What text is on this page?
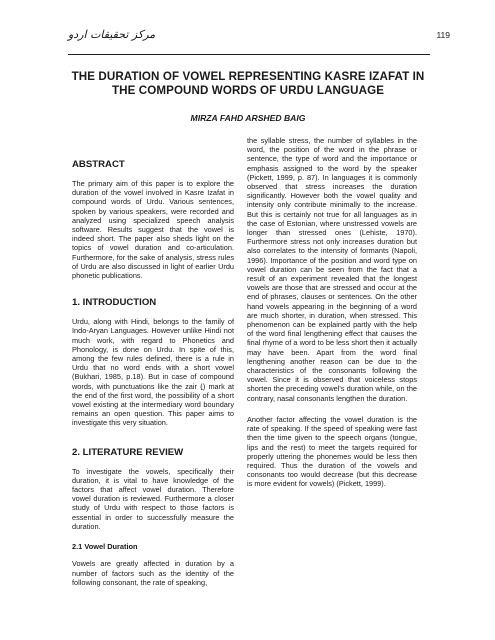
مرکز تحقیقات اردو	119
THE DURATION OF VOWEL REPRESENTING KASRE IZAFAT IN
THE COMPOUND WORDS OF URDU LANGUAGE
MIRZA FAHD ARSHED BAIG
ABSTRACT

The primary aim of this paper is to explore the duration of the vowel involved in Kasre Izafat in compound words of Urdu. Various sentences, spoken by various speakers, were recorded and analyzed using specialized speech analysis software. Results suggest that the vowel is indeed short. The paper also sheds light on the topics of vowel duration and co-articulation. Furthermore, for the sake of analysis, stress rules of Urdu are also discussed in light of earlier Urdu phonetic publications.

1. INTRODUCTION

Urdu, along with Hindi, belongs to the family of Indo-Aryan Languages. However unlike Hindi not much work, with regard to Phonetics and Phonology, is done on Urdu. In spite of this, among the few rules defined, there is a rule in Urdu that no word ends with a short vowel (Bukhari, 1985, p.18). But in case of compound words, with punctuations like the zair (ِ) mark at the end of the first word, the possibility of a short vowel existing at the intermediary word boundary remains an open question. This paper aims to investigate this very situation.

2. LITERATURE REVIEW

To investigate the vowels, specifically their duration, it is vital to have knowledge of the factors that affect vowel duration. Therefore vowel duration is reviewed. Furthermore a closer study of Urdu with respect to those factors is essential in order to successfully measure the duration.

2.1 Vowel Duration

Vowels are greatly affected in duration by a number of factors such as the identity of the following consonant, the rate of speaking,

the syllable stress, the number of syllables in the word, the position of the word in the phrase or sentence, the type of word and the importance or emphasis assigned to the word by the speaker (Pickett, 1999, p. 87). In languages it is commonly observed that stress increases the duration significantly. However both the vowel quality and intensity only contribute minimally to the increase. But this is certainly not true for all languages as in the case of Estonian, where unstressed vowels are longer than stressed ones (Lehiste, 1970). Furthermore stress not only increases duration but also correlates to the intensity of formants (Napoli, 1996). Importance of the position and word type on vowel duration can be seen from the fact that a result of an experiment revealed that the longest vowels are those that are stressed and occur at the end of phrases, clauses or sentences. On the other hand vowels appearing in the beginning of a word are much shorter, in duration, when stressed. This phenomenon can be explained partly with the help of the word final lengthening effect that causes the final rhyme of a word to be less short then it actually may have been. Apart from the word final lengthening another reason can be due to the characteristics of the consonants following the vowel. Since it is observed that voiceless stops shorten the preceding vowel's duration while, on the contrary, nasal consonants lengthen the duration.

Another factor affecting the vowel duration is the rate of speaking. If the speed of speaking were fast then the time given to the speech organs (tongue, lips and the rest) to meet the targets required for properly uttering the phonemes would be less then required. Thus the duration of the vowels and consonants too would decrease (but this decrease is more evident for vowels) (Pickett, 1999).
